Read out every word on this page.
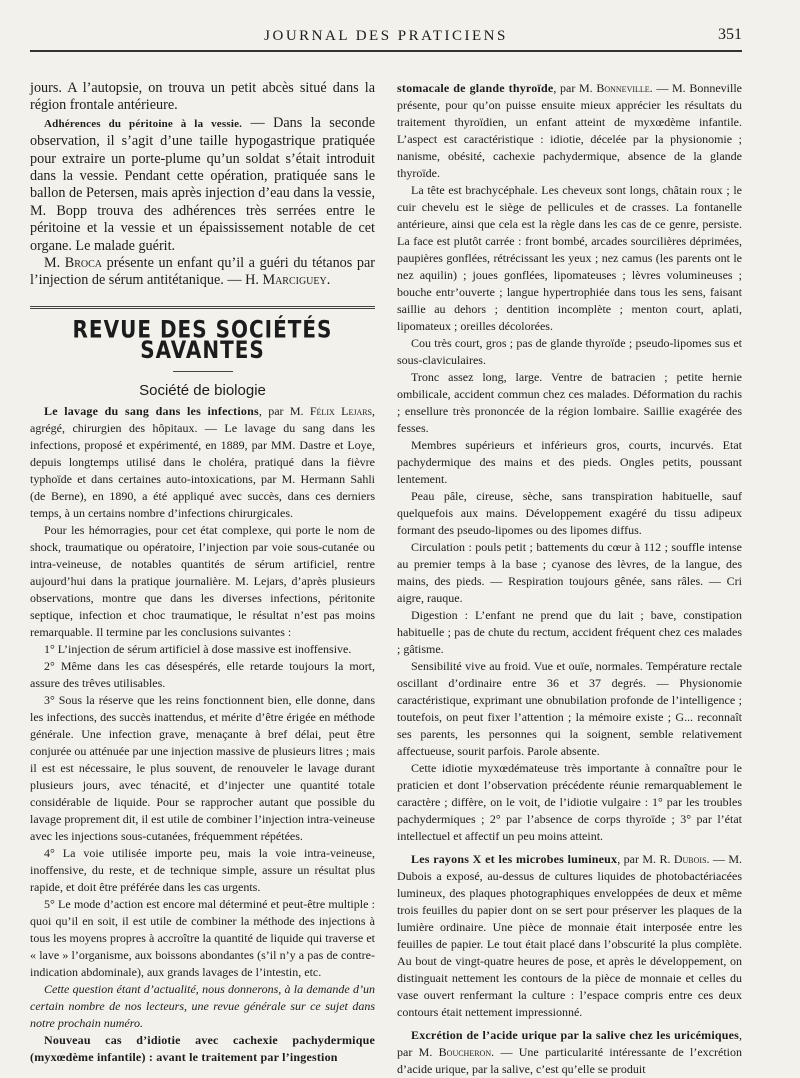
JOURNAL DES PRATICIENS	351

jours. A l’autopsie, on trouva un petit abcès situé dans la région frontale antérieure.

Adhérences du péritoine à la vessie. — Dans la seconde observation, il s’agit d’une taille hypogastrique pratiquée pour extraire un porte-plume qu’un soldat s’était introduit dans la vessie. Pendant cette opération, pratiquée sans le ballon de Petersen, mais après injection d’eau dans la vessie, M. Bopp trouva des adhérences très serrées entre le péritoine et la vessie et un épaississement notable de cet organe. Le malade guérit.

M. Broca présente un enfant qu’il a guéri du tétanos par l’injection de sérum antitétanique. — H. Marciguey.

REVUE DES SOCIÉTÉS SAVANTES
Société de biologie

Le lavage du sang dans les infections, par M. Félix Lejars, agrégé, chirurgien des hôpitaux. — Le lavage du sang dans les infections, proposé et expérimenté, en 1889, par MM. Dastre et Loye, depuis longtemps utilisé dans le choléra, pratiqué dans la fièvre typhoïde et dans certaines auto-intoxications, par M. Hermann Sahli (de Berne), en 1890, a été appliqué avec succès, dans ces derniers temps, à un certains nombre d’infections chirurgicales.

Pour les hémorragies, pour cet état complexe, qui porte le nom de shock, traumatique ou opératoire, l’injection par voie sous-cutanée ou intra-veineuse, de notables quantités de sérum artificiel, rentre aujourd’hui dans la pratique journalière. M. Lejars, d’après plusieurs observations, montre que dans les diverses infections, péritonite septique, infection et choc traumatique, le résultat n’est pas moins remarquable. Il termine par les conclusions suivantes :

1° L’injection de sérum artificiel à dose massive est inoffensive.

2° Même dans les cas désespérés, elle retarde toujours la mort, assure des trêves utilisables.

3° Sous la réserve que les reins fonctionnent bien, elle donne, dans les infections, des succès inattendus, et mérite d’être érigée en méthode générale. Une infection grave, menaçante à bref délai, peut être conjurée ou atténuée par une injection massive de plusieurs litres ; mais il est est nécessaire, le plus souvent, de renouveler le lavage durant plusieurs jours, avec ténacité, et d’injecter une quantité totale considérable de liquide. Pour se rapprocher autant que possible du lavage proprement dit, il est utile de combiner l’injection intra-veineuse avec les injections sous-cutanées, fréquemment répétées.

4° La voie utilisée importe peu, mais la voie intra-veineuse, inoffensive, du reste, et de technique simple, assure un résultat plus rapide, et doit être préférée dans les cas urgents.

5° Le mode d’action est encore mal déterminé et peut-être multiple : quoi qu’il en soit, il est utile de combiner la méthode des injections à tous les moyens propres à accroître la quantité de liquide qui traverse et « lave » l’organisme, aux boissons abondantes (s’il n’y a pas de contre-indication abdominale), aux grands lavages de l’intestin, etc.

Cette question étant d’actualité, nous donnerons, à la demande d’un certain nombre de nos lecteurs, une revue générale sur ce sujet dans notre prochain numéro.

Nouveau cas d’idiotie avec cachexie pachydermique (myxœdème infantile) : avant le traitement par l’ingestion

stomacale de glande thyroïde, par M. Bonneville. — M. Bonneville présente, pour qu’on puisse ensuite mieux apprécier les résultats du traitement thyroïdien, un enfant atteint de myxœdème infantile. L’aspect est caractéristique : idiotie, décelée par la physionomie ; nanisme, obésité, cachexie pachydermique, absence de la glande thyroïde.

La tête est brachycéphale. Les cheveux sont longs, châtain roux ; le cuir chevelu est le siège de pellicules et de crasses. La fontanelle antérieure, ainsi que cela est la règle dans les cas de ce genre, persiste. La face est plutôt carrée : front bombé, arcades sourcilières déprimées, paupières gonflées, rétrécissant les yeux ; nez camus (les parents ont le nez aquilin) ; joues gonflées, lipomateuses ; lèvres volumineuses ; bouche entr’ouverte ; langue hypertrophiée dans tous les sens, faisant saillie au dehors ; dentition incomplète ; menton court, aplati, lipomateux ; oreilles décolorées.

Cou très court, gros ; pas de glande thyroïde ; pseudo-lipomes sus et sous-claviculaires.

Tronc assez long, large. Ventre de batracien ; petite hernie ombilicale, accident commun chez ces malades. Déformation du rachis ; ensellure très prononcée de la région lombaire. Saillie exagérée des fesses.

Membres supérieurs et inférieurs gros, courts, incurvés. Etat pachydermique des mains et des pieds. Ongles petits, poussant lentement.

Peau pâle, cireuse, sèche, sans transpiration habituelle, sauf quelquefois aux mains. Développement exagéré du tissu adipeux formant des pseudo-lipomes ou des lipomes diffus.

Circulation : pouls petit ; battements du cœur à 112 ; souffle intense au premier temps à la base ; cyanose des lèvres, de la langue, des mains, des pieds. — Respiration toujours gênée, sans râles. — Cri aigre, rauque.

Digestion : L’enfant ne prend que du lait ; bave, constipation habituelle ; pas de chute du rectum, accident fréquent chez ces malades ; gâtisme.

Sensibilité vive au froid. Vue et ouïe, normales. Température rectale oscillant d’ordinaire entre 36 et 37 degrés. — Physionomie caractéristique, exprimant une obnubilation profonde de l’intelligence ; toutefois, on peut fixer l’attention ; la mémoire existe ; G... reconnaît ses parents, les personnes qui la soignent, semble relativement affectueuse, sourit parfois. Parole absente.

Cette idiotie myxœdémateuse très importante à connaître pour le praticien et dont l’observation précédente réunie remarquablement le caractère ; diffère, on le voit, de l’idiotie vulgaire : 1° par les troubles pachydermiques ; 2° par l’absence de corps thyroïde ; 3° par l’état intellectuel et affectif un peu moins atteint.

Les rayons X et les microbes lumineux, par M. R. Dubois. — M. Dubois a exposé, au-dessus de cultures liquides de photobactériacées lumineux, des plaques photographiques enveloppées de deux et même trois feuilles du papier dont on se sert pour préserver les plaques de la lumière ordinaire. Une pièce de monnaie était interposée entre les feuilles de papier. Le tout était placé dans l’obscurité la plus complète. Au bout de vingt-quatre heures de pose, et après le développement, on distinguait nettement les contours de la pièce de monnaie et celles du vase ouvert renfermant la culture : l’espace compris entre ces deux contours était nettement impressionné.

Excrétion de l’acide urique par la salive chez les uricémiques, par M. Boucheron. — Une particularité intéressante de l’excrétion d’acide urique, par la salive, c’est qu’elle se produit
